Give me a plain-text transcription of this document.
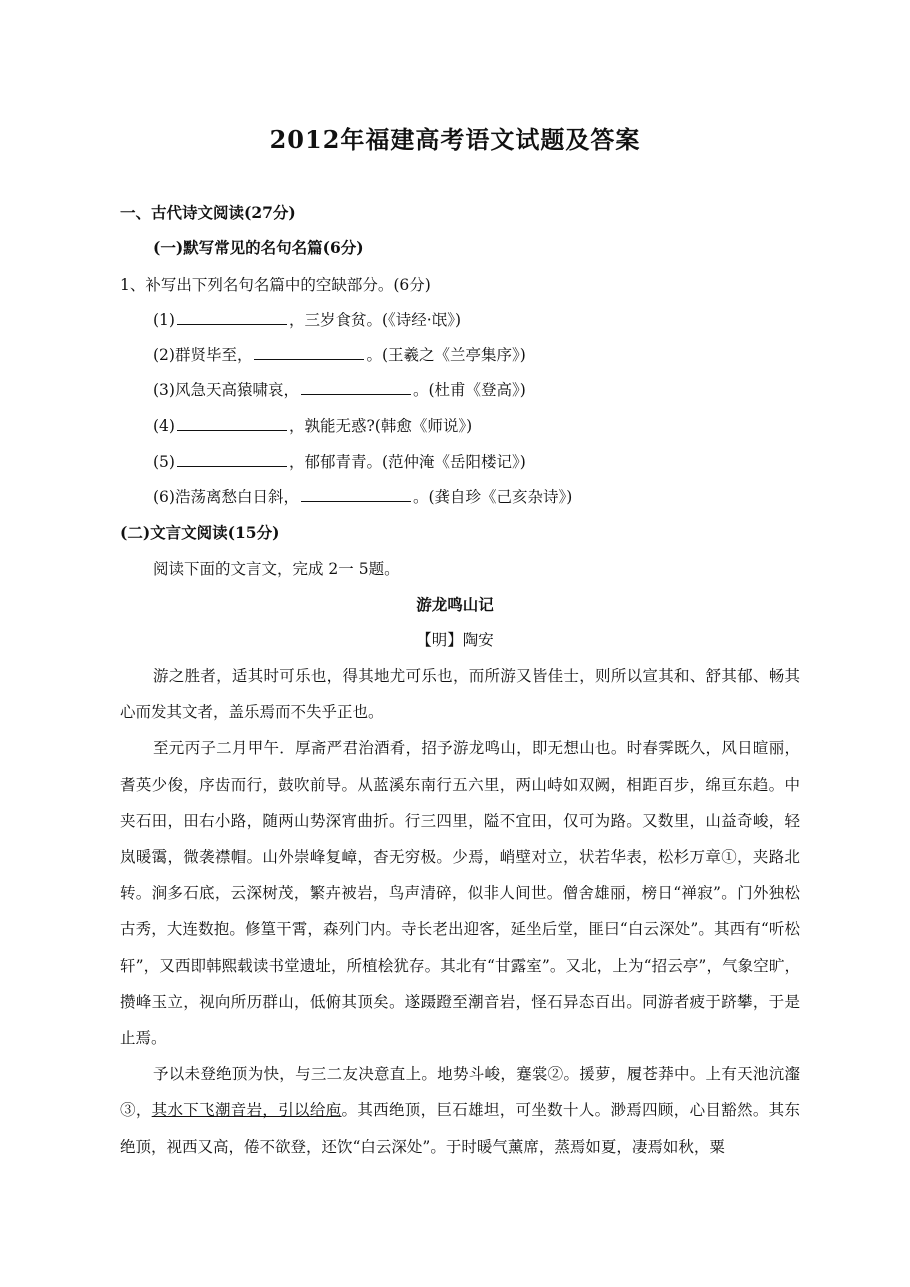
2012年福建高考语文试题及答案
一、古代诗文阅读(27分)
(一)默写常见的名句名篇(6分)
1、补写出下列名句名篇中的空缺部分。(6分)
(1)	，三岁食贫。(《诗经·氓》)
(2)群贤毕至，	。(王羲之《兰亭集序》)
(3)风急天高猿啸哀，	。(杜甫《登高》)
(4)	，孰能无惑?(韩愈《师说》)
(5)	，郁郁青青。(范仲淹《岳阳楼记》)
(6)浩荡离愁白日斜，	。(龚自珍《己亥杂诗》)
(二)文言文阅读(15分)
阅读下面的文言文，完成 2一 5题。
游龙鸣山记
【明】陶安

游之胜者，适其时可乐也，得其地尤可乐也，而所游又皆佳士，则所以宣其和、舒其郁、畅其心而发其文者，盖乐焉而不失乎正也。

至元丙子二月甲午．厚斋严君治酒肴，招予游龙鸣山，即无想山也。时春霁既久，风日暄丽，耆英少俊，序齿而行，鼓吹前导。从蓝溪东南行五六里，两山峙如双阙，相距百步，绵亘东趋。中夹石田，田右小路，随两山势深宵曲折。行三四里，隘不宜田，仅可为路。又数里，山益奇峻，轻岚暖霭，微袭襟帽。山外崇峰复嶂，杳无穷极。少焉，峭壁对立，状若华表，松杉万章①，夹路北转。涧多石底，云深树茂，繁卉被岩，鸟声清碎，似非人间世。僧舍雄丽，榜日“禅寂”。门外独松古秀，大连数抱。修篁干霄，森列门内。寺长老出迎客，延坐后堂，匪曰“白云深处”。其西有“听松轩”，又西即韩熙载读书堂遗址，所植桧犹存。其北有“甘露室”。又北，上为“招云亭”，气象空旷，攒峰玉立，视向所历群山，低俯其顶矣。遂蹑蹬至潮音岩，怪石异态百出。同游者疲于跻攀，于是止焉。

予以未登绝顶为快，与三二友决意直上。地势斗峻，蹇裳②。援萝，履苍莽中。上有天池沆瀣③，其水下飞潮音岩，引以给庖。其西绝顶，巨石雄坦，可坐数十人。渺焉四顾，心目豁然。其东绝顶，视西又高，倦不欲登，还饮“白云深处”。于时暖气薰席，蒸焉如夏，凄焉如秋，粟
